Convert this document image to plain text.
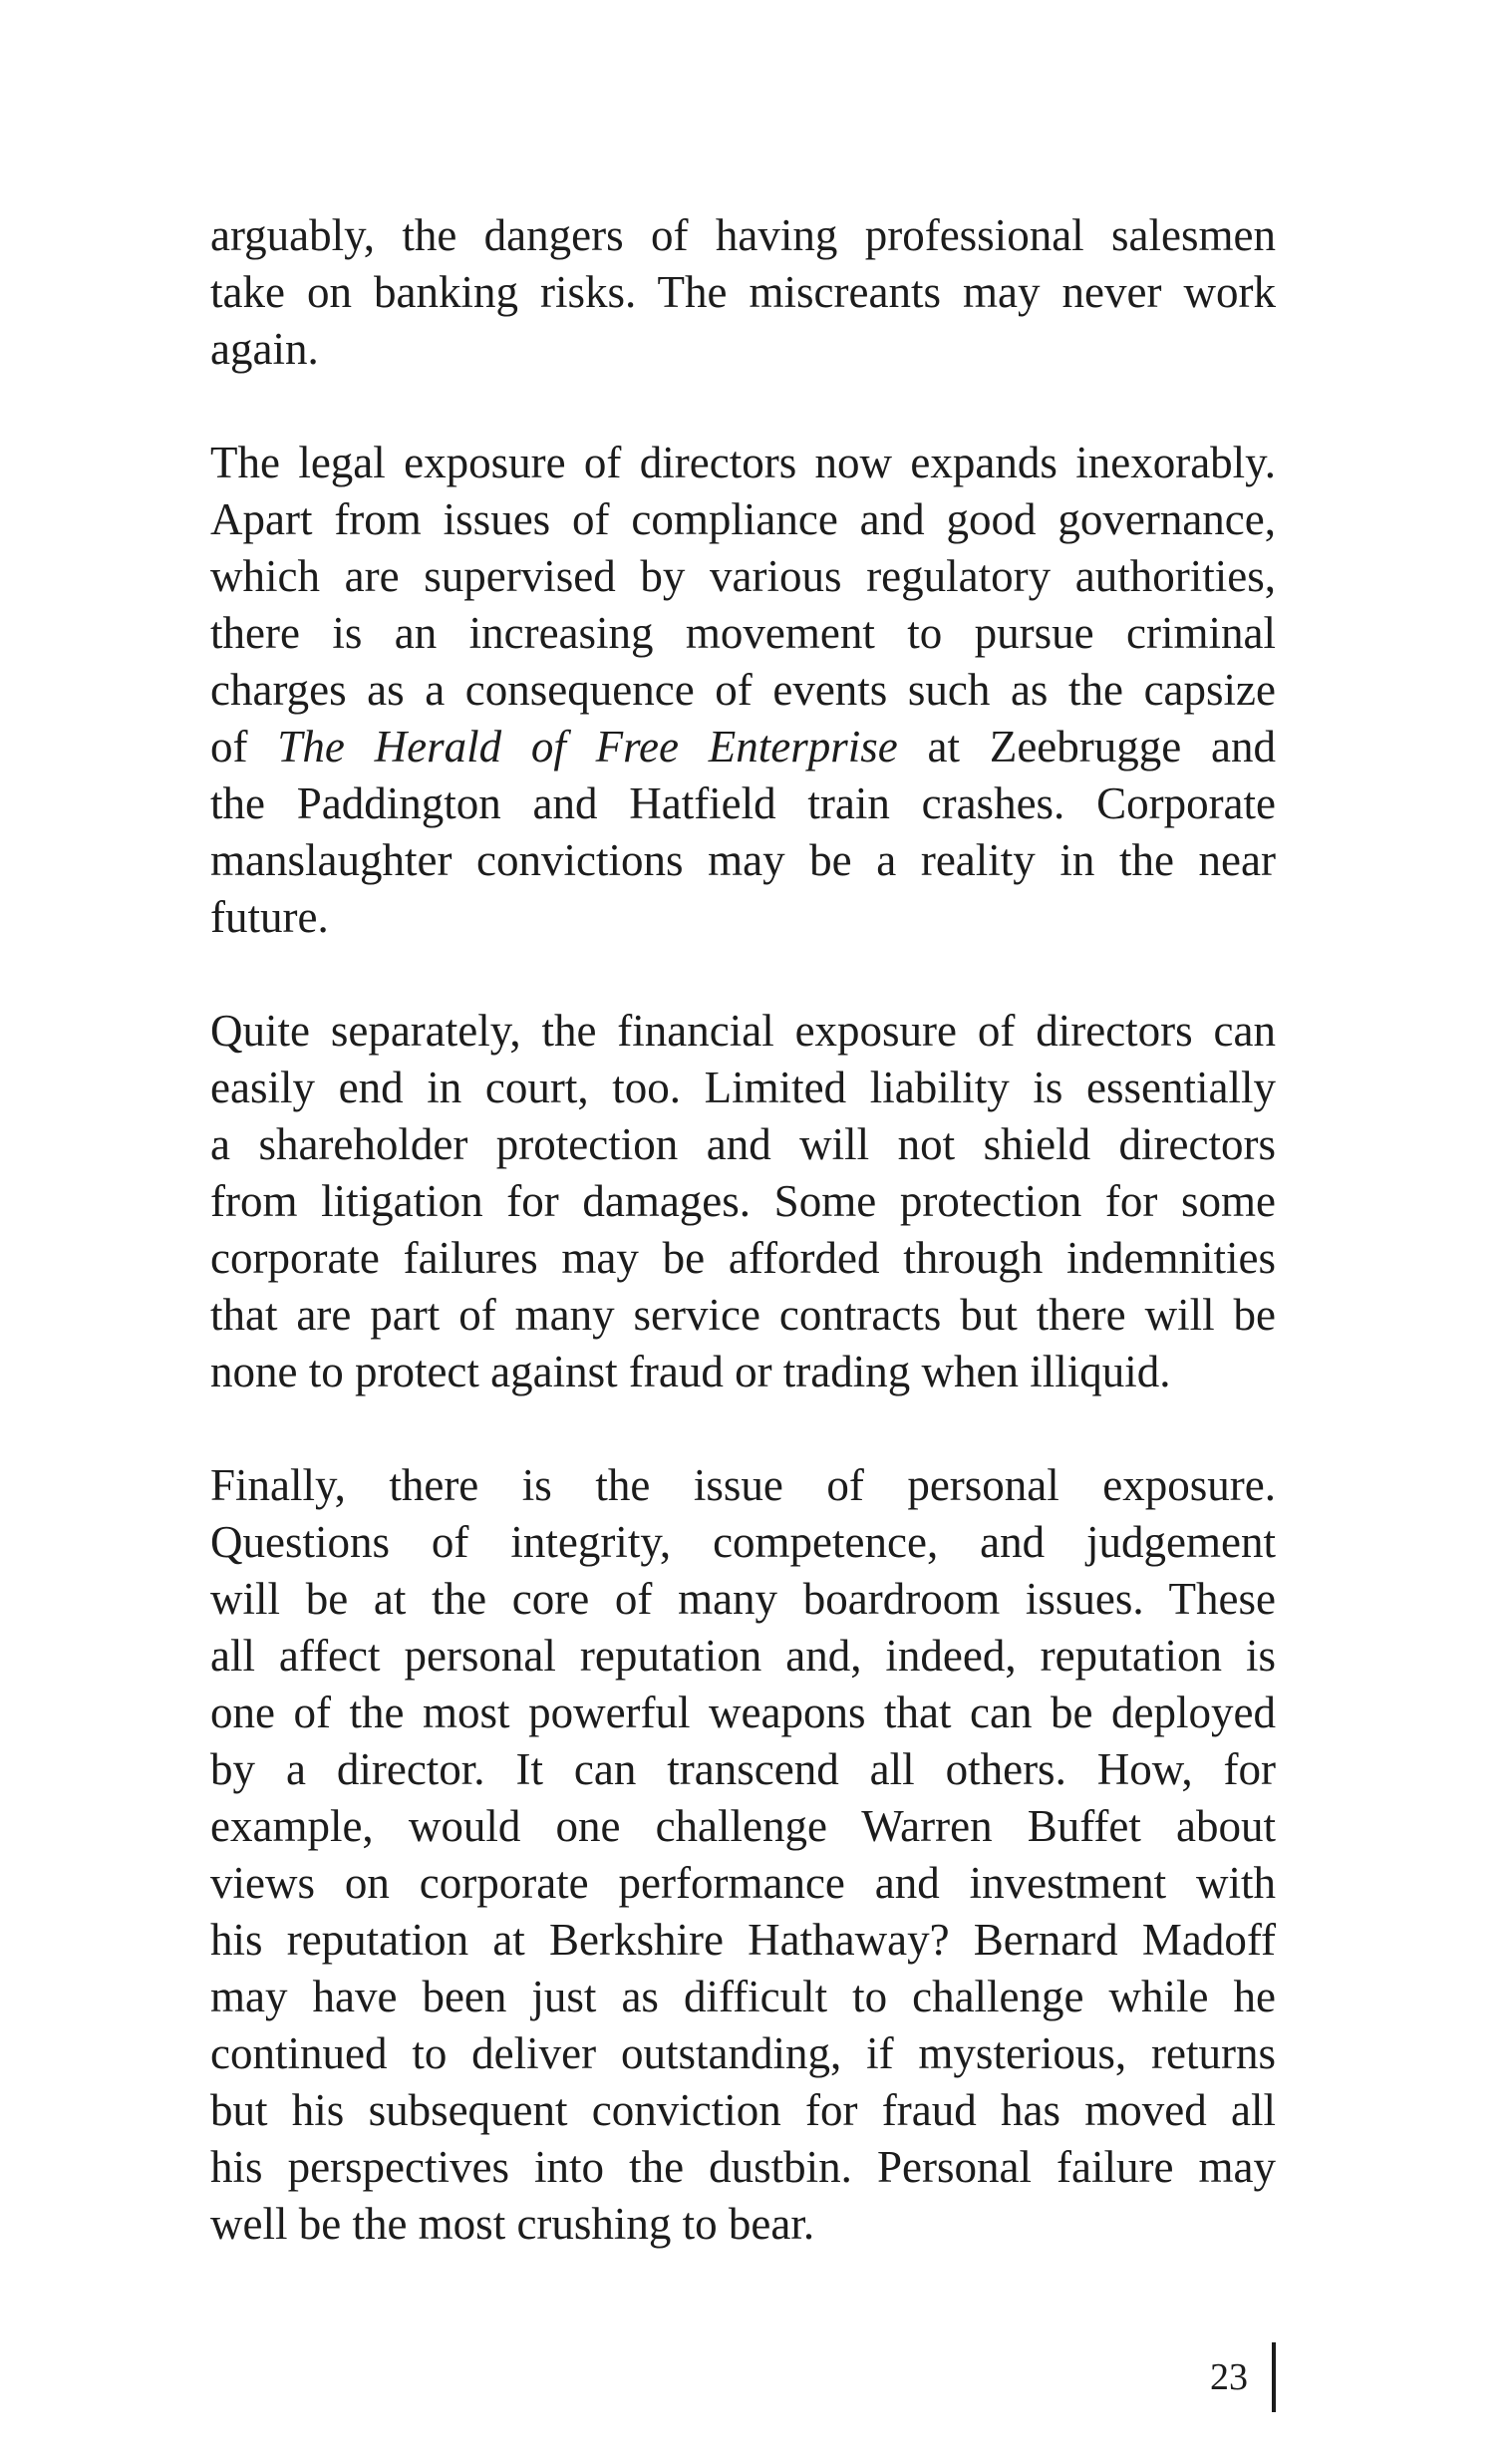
arguably, the dangers of having professional salesmen
take on banking risks. The miscreants may never work
again.

The legal exposure of directors now expands inexorably.
Apart from issues of compliance and good governance,
which are supervised by various regulatory authorities,
there is an increasing movement to pursue criminal
charges as a consequence of events such as the capsize
of The Herald of Free Enterprise at Zeebrugge and
the Paddington and Hatfield train crashes. Corporate
manslaughter convictions may be a reality in the near
future.

Quite separately, the financial exposure of directors can
easily end in court, too. Limited liability is essentially
a shareholder protection and will not shield directors
from litigation for damages. Some protection for some
corporate failures may be afforded through indemnities
that are part of many service contracts but there will be
none to protect against fraud or trading when illiquid.

Finally, there is the issue of personal exposure.
Questions of integrity, competence, and judgement
will be at the core of many boardroom issues. These
all affect personal reputation and, indeed, reputation is
one of the most powerful weapons that can be deployed
by a director. It can transcend all others. How, for
example, would one challenge Warren Buffet about
views on corporate performance and investment with
his reputation at Berkshire Hathaway? Bernard Madoff
may have been just as difficult to challenge while he
continued to deliver outstanding, if mysterious, returns
but his subsequent conviction for fraud has moved all
his perspectives into the dustbin. Personal failure may
well be the most crushing to bear.

23
